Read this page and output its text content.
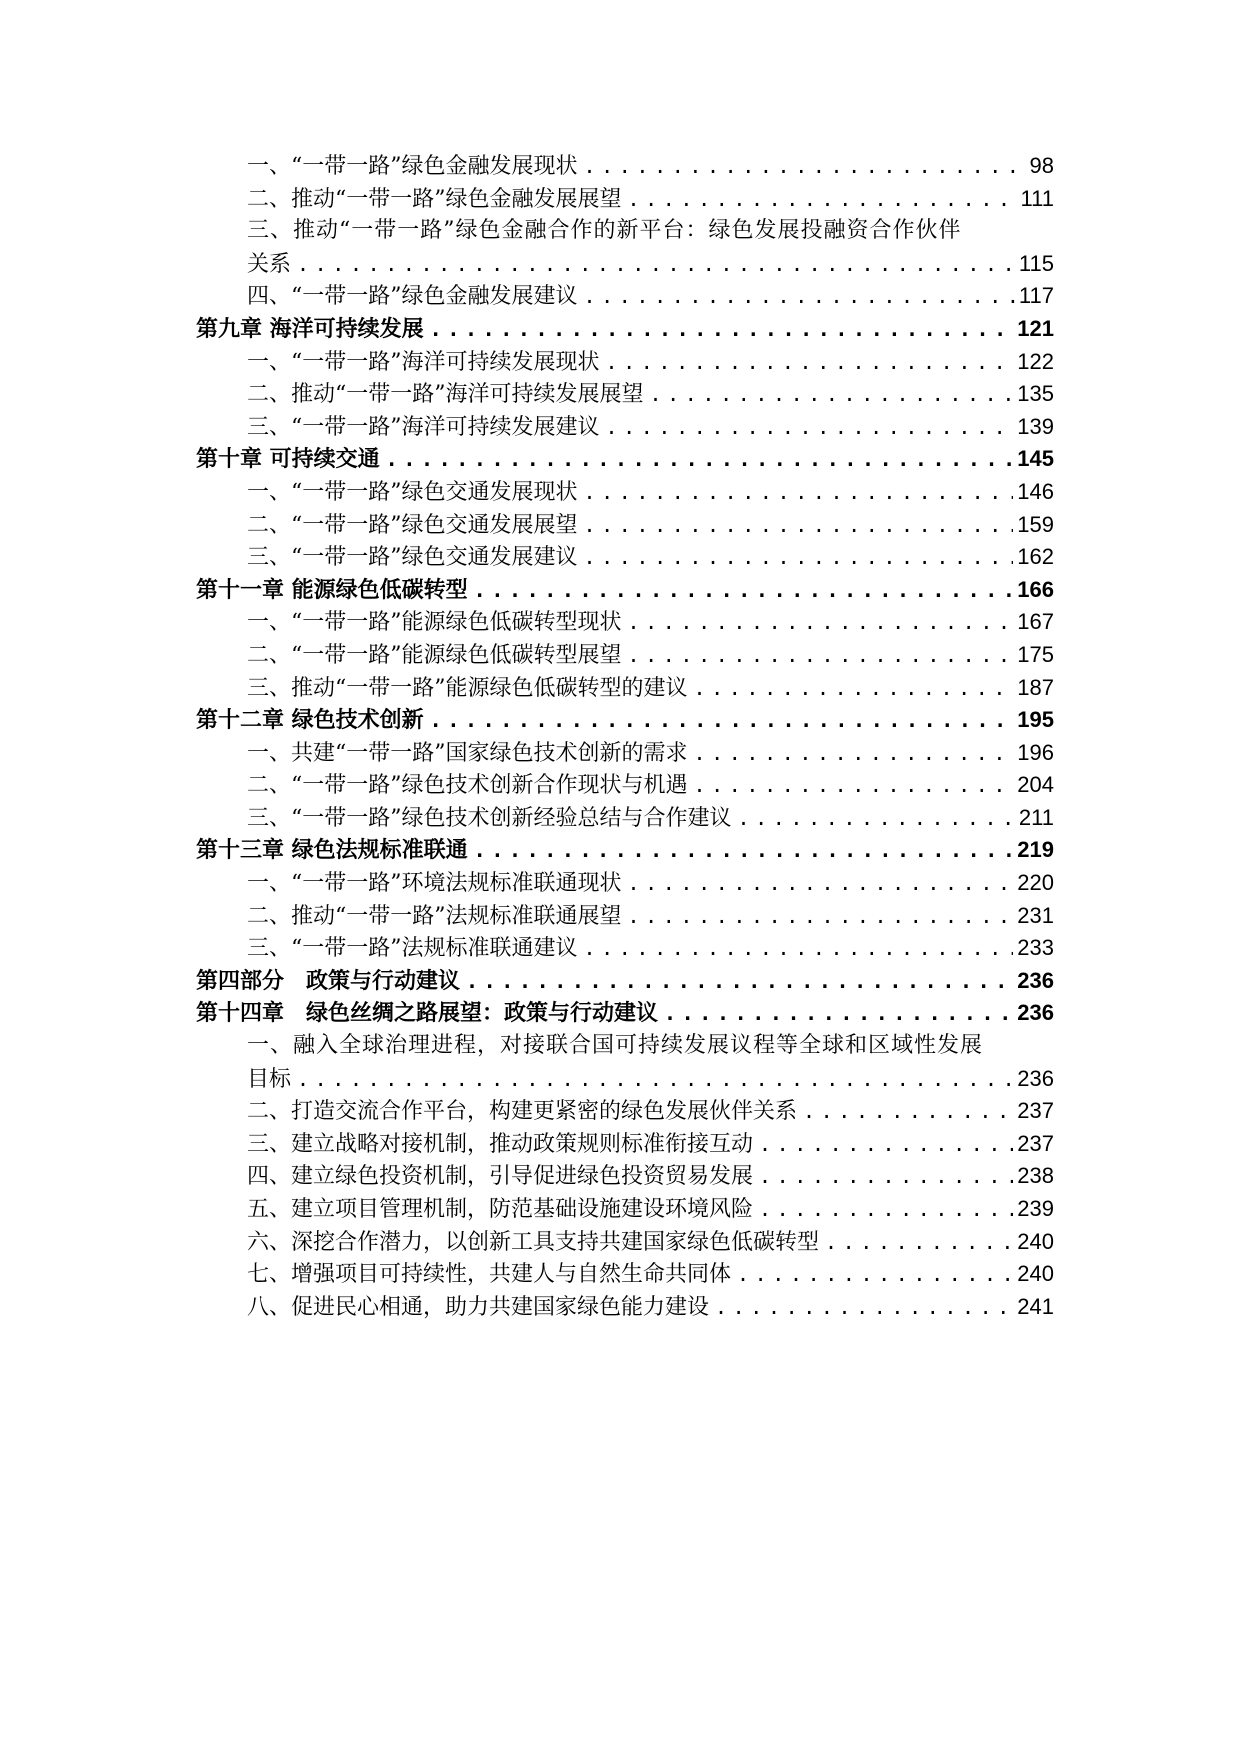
一、“一带一路”绿色金融发展现状 .....	98
二、推动“一带一路”绿色金融发展展望 .....	111
三、推动“一带一路”绿色金融合作的新平台：绿色发展投融资合作伙伴
关系 .....	115
四、“一带一路”绿色金融发展建议 .....	117
第九章 海洋可持续发展 .....	121
一、“一带一路”海洋可持续发展现状 .....	122
二、推动“一带一路”海洋可持续发展展望 .....	135
三、“一带一路”海洋可持续发展建议 .....	139
第十章 可持续交通 .....	145
一、“一带一路”绿色交通发展现状 .....	146
二、“一带一路”绿色交通发展展望 .....	159
三、“一带一路”绿色交通发展建议 .....	162
第十一章 能源绿色低碳转型 .....	166
一、“一带一路”能源绿色低碳转型现状 .....	167
二、“一带一路”能源绿色低碳转型展望 .....	175
三、推动“一带一路”能源绿色低碳转型的建议 .....	187
第十二章 绿色技术创新 .....	195
一、共建“一带一路”国家绿色技术创新的需求 .....	196
二、“一带一路”绿色技术创新合作现状与机遇 .....	204
三、“一带一路”绿色技术创新经验总结与合作建议 .....	211
第十三章 绿色法规标准联通 .....	219
一、“一带一路”环境法规标准联通现状 .....	220
二、推动“一带一路”法规标准联通展望 .....	231
三、“一带一路”法规标准联通建议 .....	233
第四部分　政策与行动建议 .....	236
第十四章　绿色丝绸之路展望：政策与行动建议 .....	236
一、融入全球治理进程，对接联合国可持续发展议程等全球和区域性发展
目标 .....	236
二、打造交流合作平台，构建更紧密的绿色发展伙伴关系 .....	237
三、建立战略对接机制，推动政策规则标准衔接互动 .....	237
四、建立绿色投资机制，引导促进绿色投资贸易发展 .....	238
五、建立项目管理机制，防范基础设施建设环境风险 .....	239
六、深挖合作潜力，以创新工具支持共建国家绿色低碳转型 .....	240
七、增强项目可持续性，共建人与自然生命共同体 .....	240
八、促进民心相通，助力共建国家绿色能力建设 .....	241
